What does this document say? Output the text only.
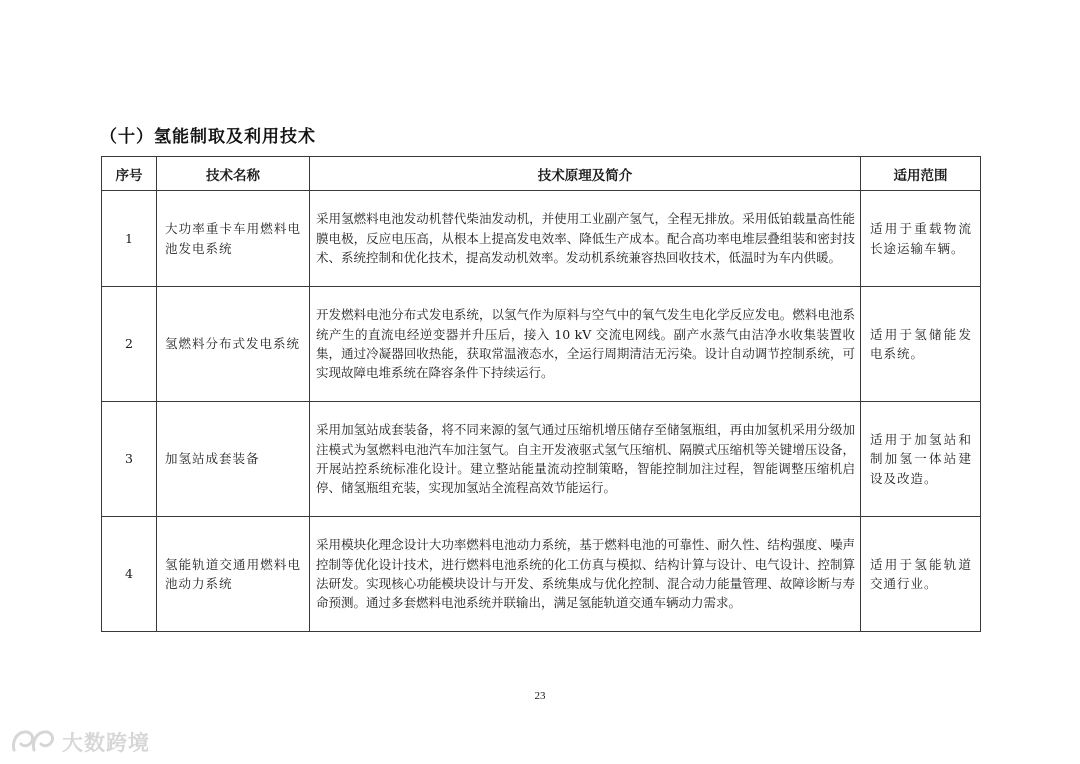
（十）氢能制取及利用技术
序号	技术名称	技术原理及简介	适用范围
1	大功率重卡车用燃料电池发电系统	采用氢燃料电池发动机替代柴油发动机，并使用工业副产氢气，全程无排放。采用低铂载量高性能膜电极，反应电压高，从根本上提高发电效率、降低生产成本。配合高功率电堆层叠组装和密封技术、系统控制和优化技术，提高发动机效率。发动机系统兼容热回收技术，低温时为车内供暖。	适用于重载物流长途运输车辆。
2	氢燃料分布式发电系统	开发燃料电池分布式发电系统，以氢气作为原料与空气中的氧气发生电化学反应发电。燃料电池系统产生的直流电经逆变器并升压后，接入 10 kV 交流电网线。副产水蒸气由洁净水收集装置收集，通过冷凝器回收热能，获取常温液态水，全运行周期清洁无污染。设计自动调节控制系统，可实现故障电堆系统在降容条件下持续运行。	适用于氢储能发电系统。
3	加氢站成套装备	采用加氢站成套装备，将不同来源的氢气通过压缩机增压储存至储氢瓶组，再由加氢机采用分级加注模式为氢燃料电池汽车加注氢气。自主开发液驱式氢气压缩机、隔膜式压缩机等关键增压设备，开展站控系统标准化设计。建立整站能量流动控制策略，智能控制加注过程，智能调整压缩机启停、储氢瓶组充装，实现加氢站全流程高效节能运行。	适用于加氢站和制加氢一体站建设及改造。
4	氢能轨道交通用燃料电池动力系统	采用模块化理念设计大功率燃料电池动力系统，基于燃料电池的可靠性、耐久性、结构强度、噪声控制等优化设计技术，进行燃料电池系统的化工仿真与模拟、结构计算与设计、电气设计、控制算法研发。实现核心功能模块设计与开发、系统集成与优化控制、混合动力能量管理、故障诊断与寿命预测。通过多套燃料电池系统并联输出，满足氢能轨道交通车辆动力需求。	适用于氢能轨道交通行业。
23
大数跨境
